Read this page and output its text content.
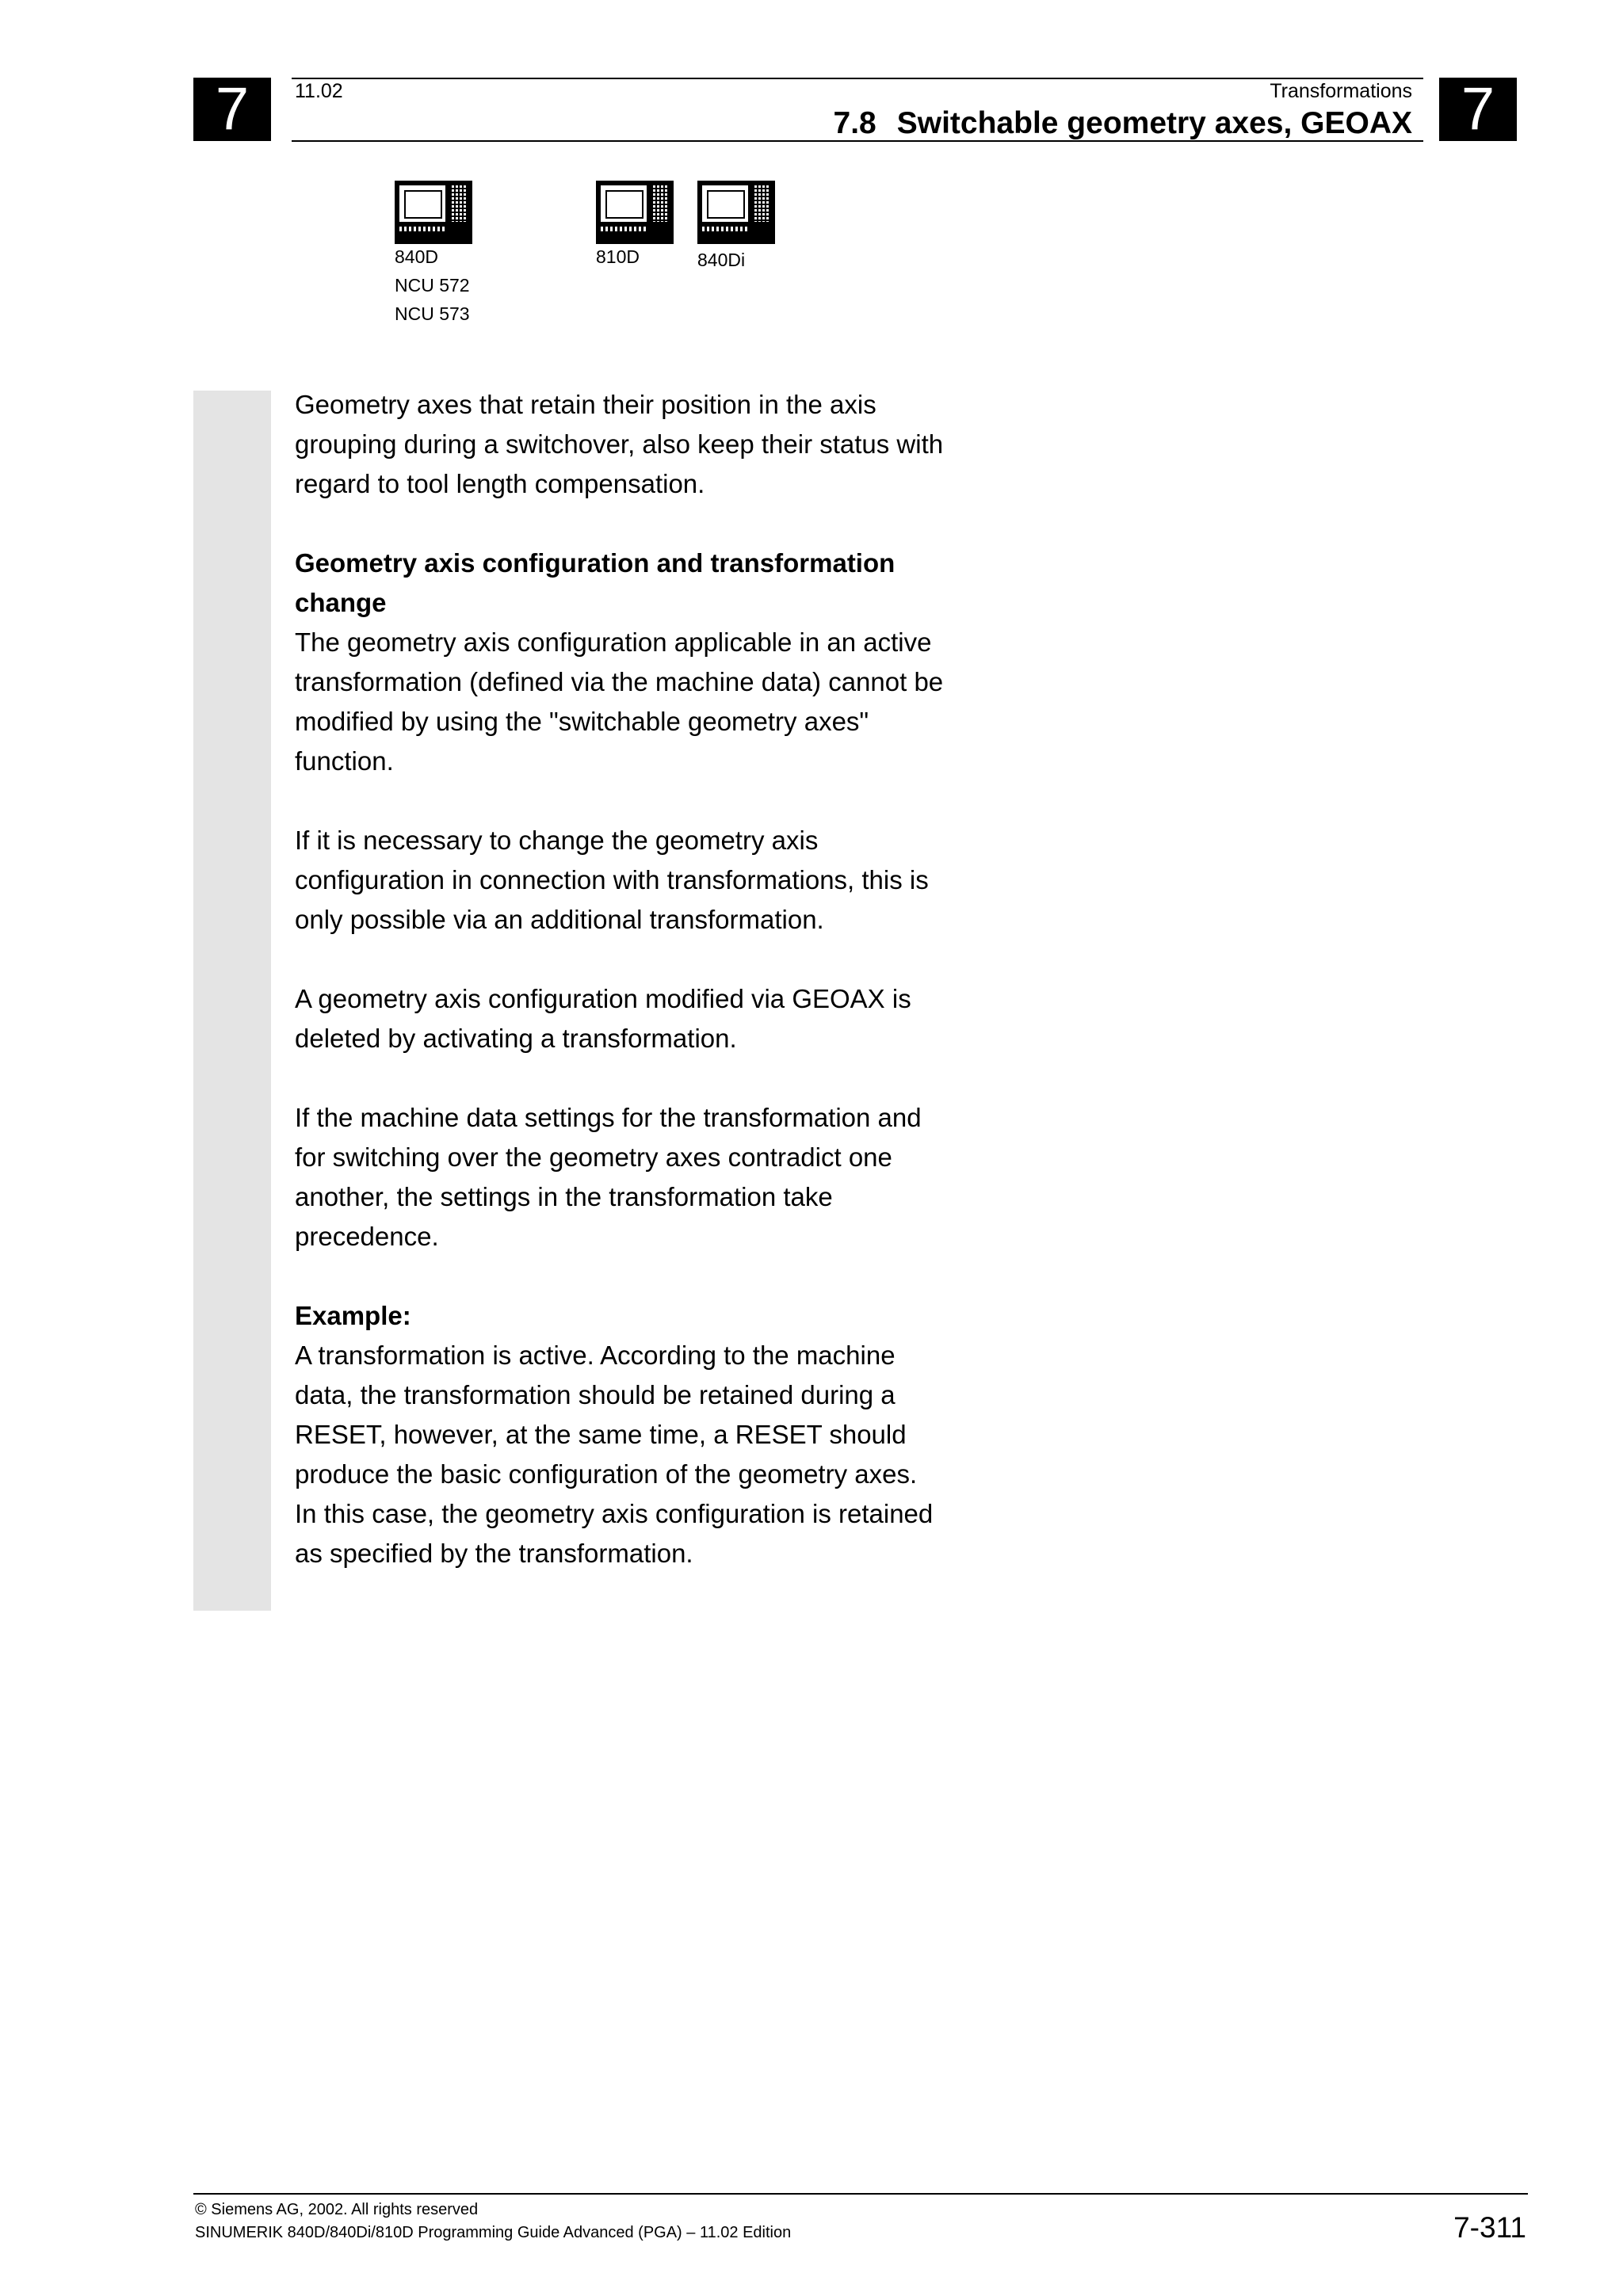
7	7
11.02	Transformations
7.8 Switchable geometry axes, GEOAX
840D
NCU 572
NCU 573
810D	840Di

Geometry axes that retain their position in the axis grouping during a switchover, also keep their status with regard to tool length compensation.

Geometry axis configuration and transformation change
The geometry axis configuration applicable in an active transformation (defined via the machine data) cannot be modified by using the "switchable geometry axes" function.

If it is necessary to change the geometry axis configuration in connection with transformations, this is only possible via an additional transformation.

A geometry axis configuration modified via GEOAX is deleted by activating a transformation.

If the machine data settings for the transformation and for switching over the geometry axes contradict one another, the settings in the transformation take precedence.

Example:
A transformation is active. According to the machine data, the transformation should be retained during a RESET, however, at the same time, a RESET should produce the basic configuration of the geometry axes. In this case, the geometry axis configuration is retained as specified by the transformation.

© Siemens AG, 2002. All rights reserved
SINUMERIK 840D/840Di/810D Programming Guide Advanced (PGA) – 11.02 Edition	7-311
